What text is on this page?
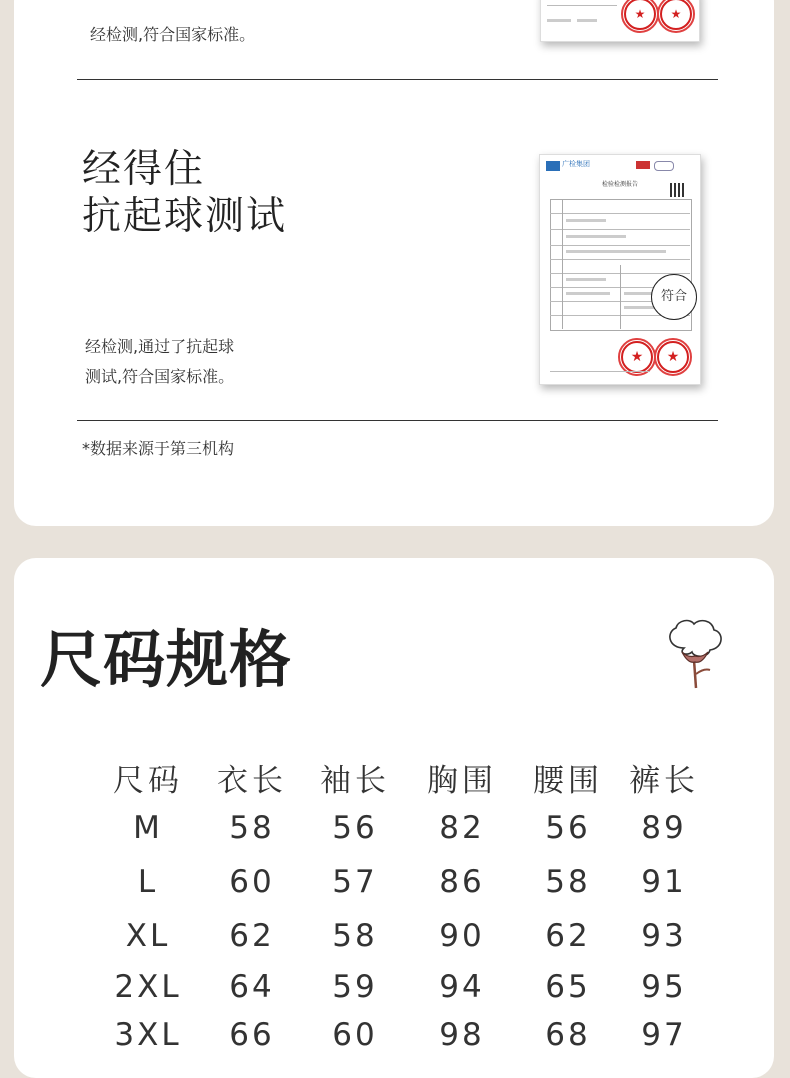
经检测,符合国家标准。
★	★
经得住
抗起球测试
经检测,通过了抗起球
测试,符合国家标准。
广检集团
检验检测报告
★	★
符合
*数据来源于第三机构
尺码规格
尺码	衣长	袖长	胸围	腰围 裤长
M	58	56	82	56	89
L	60	57	86	58	91
XL	62	58	90	62	93
2XL	64	59	94	65	95
3XL	66	60	98	68	97
